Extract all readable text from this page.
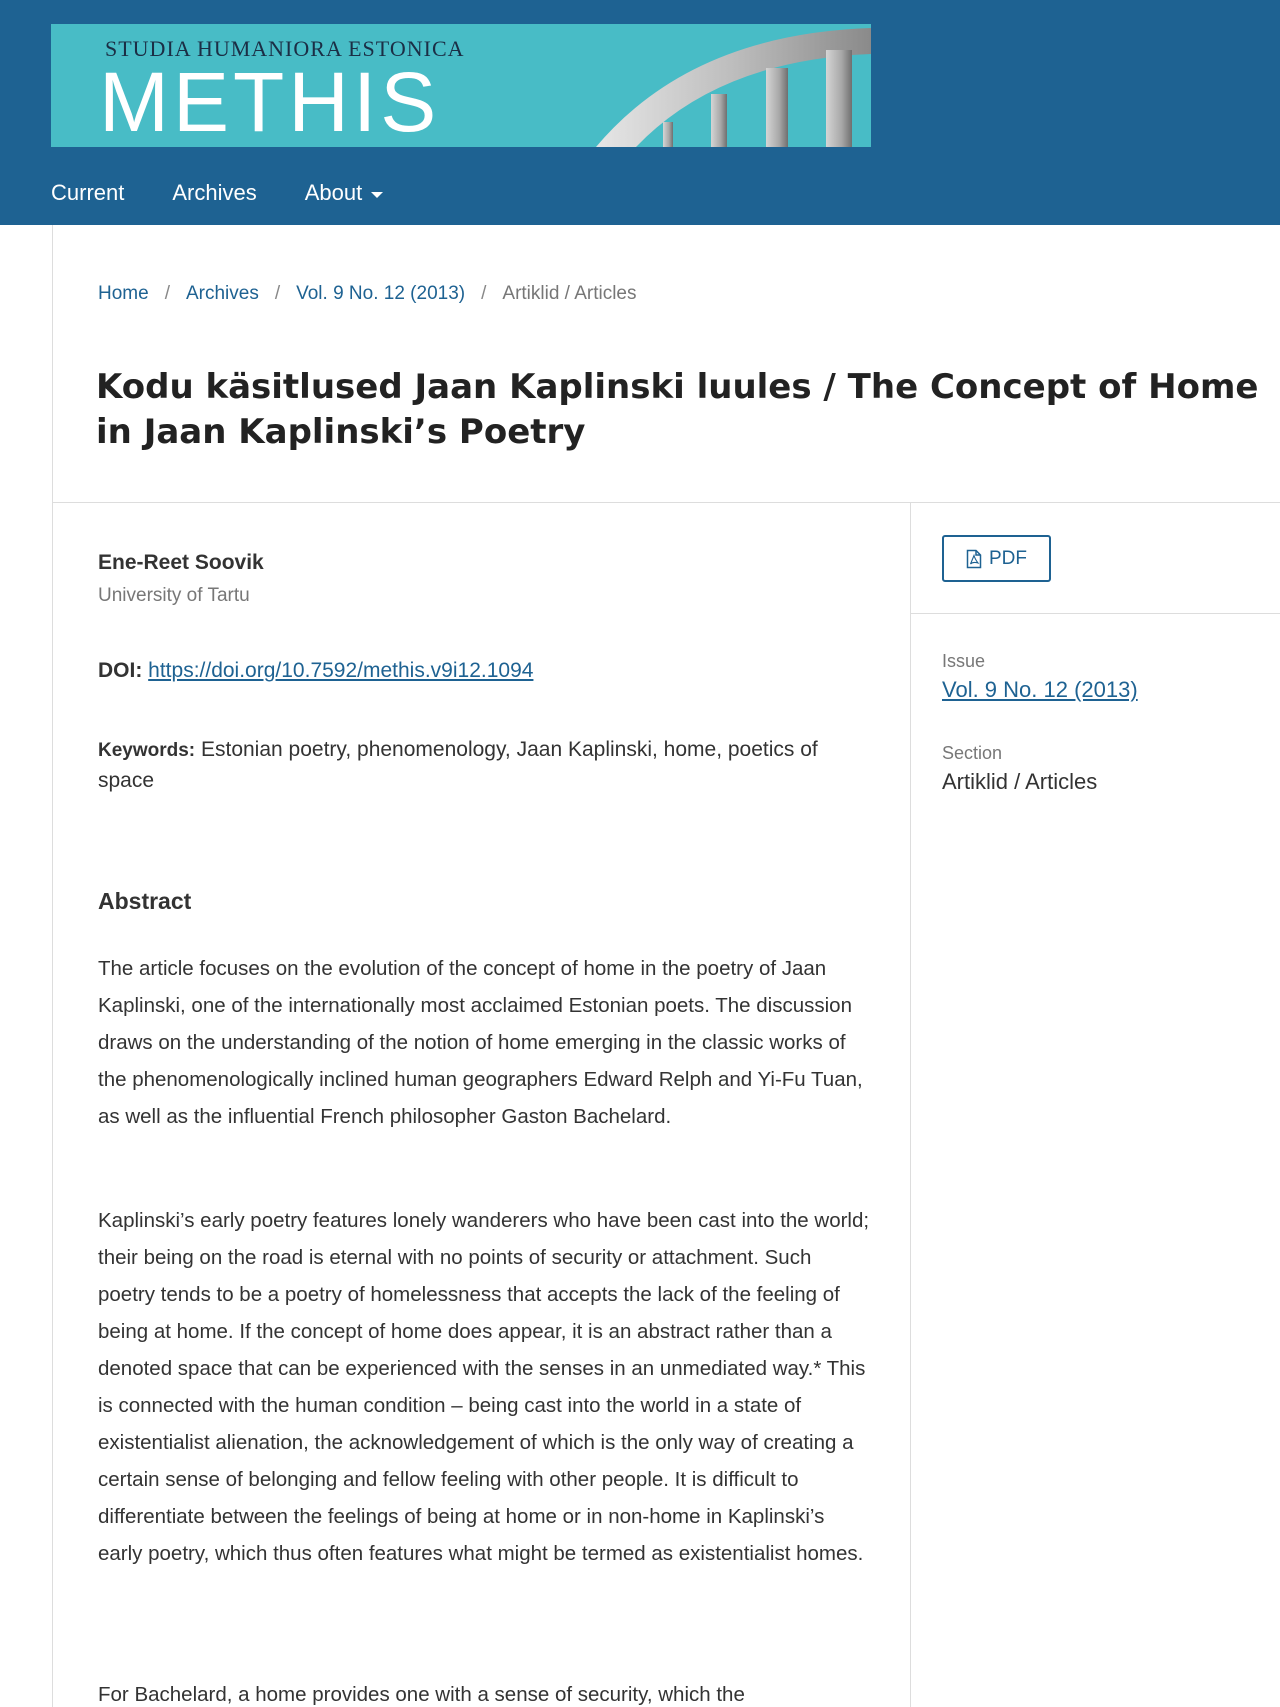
STUDIA HUMANIORA ESTONICA
METHIS
Current Archives About
Home / Archives / Vol. 9 No. 12 (2013) / Artiklid / Articles
Kodu käsitlused Jaan Kaplinski luules / The Concept of Home in Jaan Kaplinski’s Poetry
Ene-Reet Soovik
University of Tartu
DOI: https://doi.org/10.7592/methis.v9i12.1094
Keywords: Estonian poetry, phenomenology, Jaan Kaplinski, home, poetics of space
Abstract

The article focuses on the evolution of the concept of home in the poetry of Jaan Kaplinski, one of the internationally most acclaimed Estonian poets. The discussion draws on the understanding of the notion of home emerging in the classic works of the phenomenologically inclined human geographers Edward Relph and Yi-Fu Tuan, as well as the influential French philosopher Gaston Bachelard.

Kaplinski’s early poetry features lonely wanderers who have been cast into the world; their being on the road is eternal with no points of security or attachment. Such poetry tends to be a poetry of homelessness that accepts the lack of the feeling of being at home. If the concept of home does appear, it is an abstract rather than a denoted space that can be experienced with the senses in an unmediated way.* This is connected with the human condition – being cast into the world in a state of existentialist alienation, the acknowledgement of which is the only way of creating a certain sense of belonging and fellow feeling with other people. It is difficult to differentiate between the feelings of being at home or in non-home in Kaplinski’s early poetry, which thus often features what might be termed as existentialist homes.

For Bachelard, a home provides one with a sense of security, which the

PDF
Issue
Vol. 9 No. 12 (2013)
Section
Artiklid / Articles
